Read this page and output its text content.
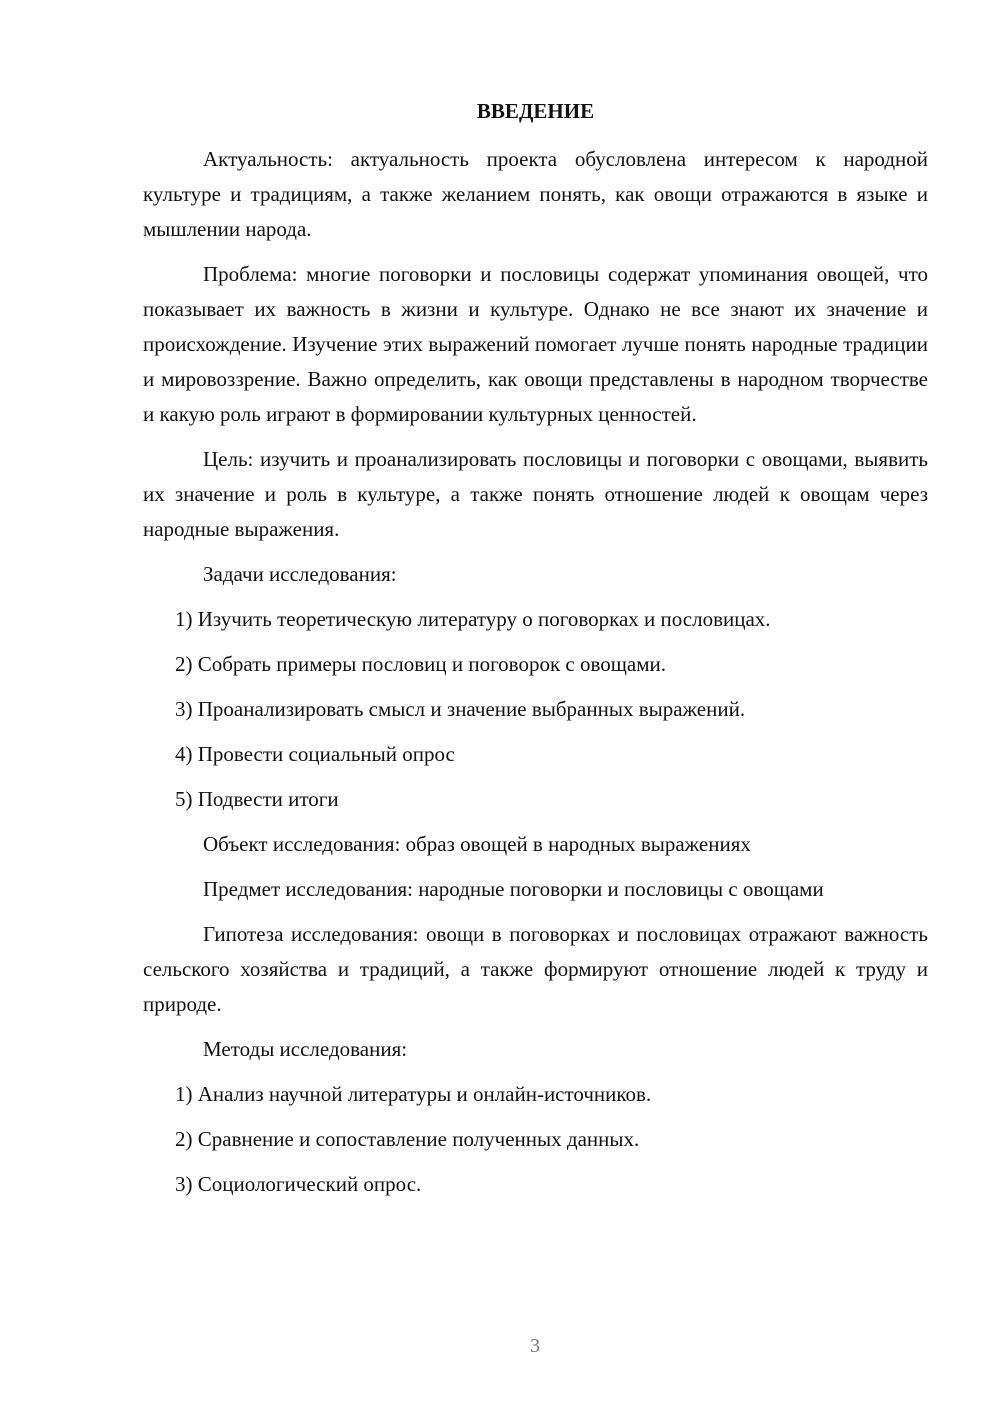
ВВЕДЕНИЕ

Актуальность: актуальность проекта обусловлена интересом к народной культуре и традициям, а также желанием понять, как овощи отражаются в языке и мышлении народа.

Проблема: многие поговорки и пословицы содержат упоминания овощей, что показывает их важность в жизни и культуре. Однако не все знают их значение и происхождение. Изучение этих выражений помогает лучше понять народные традиции и мировоззрение. Важно определить, как овощи представлены в народном творчестве и какую роль играют в формировании культурных ценностей.

Цель: изучить и проанализировать пословицы и поговорки с овощами, выявить их значение и роль в культуре, а также понять отношение людей к овощам через народные выражения.

Задачи исследования:

1) Изучить теоретическую литературу о поговорках и пословицах.
2) Собрать примеры пословиц и поговорок с овощами.
3) Проанализировать смысл и значение выбранных выражений.
4) Провести социальный опрос
5) Подвести итоги

Объект исследования: образ овощей в народных выражениях

Предмет исследования: народные поговорки и пословицы с овощами

Гипотеза исследования: овощи в поговорках и пословицах отражают важность сельского хозяйства и традиций, а также формируют отношение людей к труду и природе.

Методы исследования:

1) Анализ научной литературы и онлайн-источников.
2) Сравнение и сопоставление полученных данных.
3) Социологический опрос.
3
